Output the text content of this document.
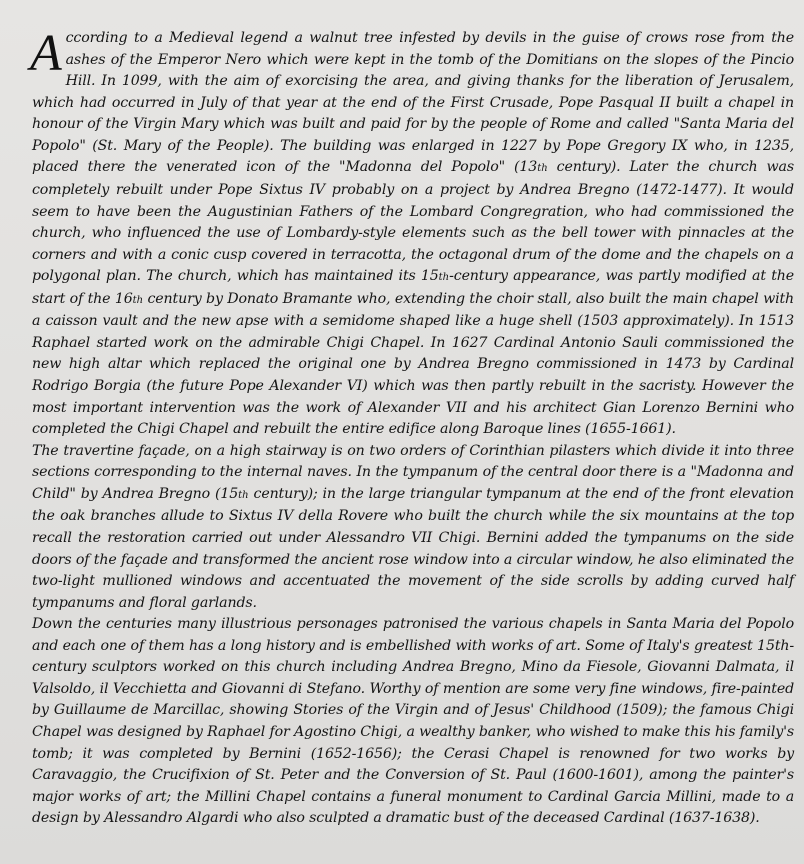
According to a Medieval legend a walnut tree infested by devils in the guise of crows rose from the ashes of the Emperor Nero which were kept in the tomb of the Domitians on the slopes of the Pincio Hill. In 1099, with the aim of exorcising the area, and giving thanks for the liberation of Jerusalem, which had occurred in July of that year at the end of the First Crusade, Pope Pasqual II built a chapel in honour of the Virgin Mary which was built and paid for by the people of Rome and called "Santa Maria del Popolo" (St. Mary of the People). The building was enlarged in 1227 by Pope Gregory IX who, in 1235, placed there the venerated icon of the "Madonna del Popolo" (13th century). Later the church was completely rebuilt under Pope Sixtus IV probably on a project by Andrea Bregno (1472-1477). It would seem to have been the Augustinian Fathers of the Lombard Congregration, who had commissioned the church, who influenced the use of Lombardy-style elements such as the bell tower with pinnacles at the corners and with a conic cusp covered in terracotta, the octagonal drum of the dome and the chapels on a polygonal plan. The church, which has maintained its 15th-century appearance, was partly modified at the start of the 16th century by Donato Bramante who, extending the choir stall, also built the main chapel with a caisson vault and the new apse with a semidome shaped like a huge shell (1503 approximately). In 1513 Raphael started work on the admirable Chigi Chapel. In 1627 Cardinal Antonio Sauli commissioned the new high altar which replaced the original one by Andrea Bregno commissioned in 1473 by Cardinal Rodrigo Borgia (the future Pope Alexander VI) which was then partly rebuilt in the sacristy. However the most important intervention was the work of Alexander VII and his architect Gian Lorenzo Bernini who completed the Chigi Chapel and rebuilt the entire edifice along Baroque lines (1655-1661).

The travertine façade, on a high stairway is on two orders of Corinthian pilasters which divide it into three sections corresponding to the internal naves. In the tympanum of the central door there is a "Madonna and Child" by Andrea Bregno (15th century); in the large triangular tympanum at the end of the front elevation the oak branches allude to Sixtus IV della Rovere who built the church while the six mountains at the top recall the restoration carried out under Alessandro VII Chigi. Bernini added the tympanums on the side doors of the façade and transformed the ancient rose window into a circular window, he also eliminated the two-light mullioned windows and accentuated the movement of the side scrolls by adding curved half tympanums and floral garlands.

Down the centuries many illustrious personages patronised the various chapels in Santa Maria del Popolo and each one of them has a long history and is embellished with works of art. Some of Italy's greatest 15th-century sculptors worked on this church including Andrea Bregno, Mino da Fiesole, Giovanni Dalmata, il Valsoldo, il Vecchietta and Giovanni di Stefano. Worthy of mention are some very fine windows, fire-painted by Guillaume de Marcillac, showing Stories of the Virgin and of Jesus' Childhood (1509); the famous Chigi Chapel was designed by Raphael for Agostino Chigi, a wealthy banker, who wished to make this his family's tomb; it was completed by Bernini (1652-1656); the Cerasi Chapel is renowned for two works by Caravaggio, the Crucifixion of St. Peter and the Conversion of St. Paul (1600-1601), among the painter's major works of art; the Millini Chapel contains a funeral monument to Cardinal Garcia Millini, made to a design by Alessandro Algardi who also sculpted a dramatic bust of the deceased Cardinal (1637-1638).
